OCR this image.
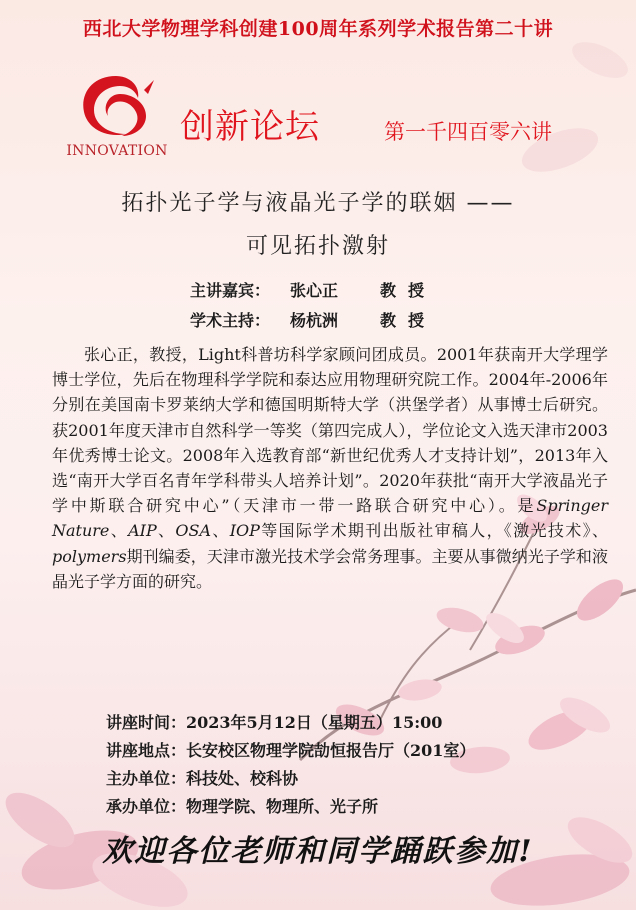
西北大学物理学科创建100周年系列学术报告第二十讲
INNOVATION
创新论坛	第一千四百零六讲
拓扑光子学与液晶光子学的联姻 ——
可见拓扑激射
主讲嘉宾： 张心正	教授
学术主持： 杨杭洲	教授

张心正，教授，Light科普坊科学家顾问团成员。2001年获南开大学理学博士学位，先后在物理科学学院和泰达应用物理研究院工作。2004年-2006年分别在美国南卡罗莱纳大学和德国明斯特大学（洪堡学者）从事博士后研究。获2001年度天津市自然科学一等奖（第四完成人），学位论文入选天津市2003年优秀博士论文。2008年入选教育部“新世纪优秀人才支持计划”，2013年入选“南开大学百名青年学科带头人培养计划”。2020年获批“南开大学液晶光子学中斯联合研究中心”（天津市一带一路联合研究中心）。是Springer Nature、AIP、OSA、IOP等国际学术期刊出版社审稿人，《激光技术》、polymers期刊编委，天津市激光技术学会常务理事。主要从事微纳光子学和液晶光子学方面的研究。

讲座时间：2023年5月12日（星期五）15:00
讲座地点：长安校区物理学院劼恒报告厅（201室）
主办单位：科技处、校科协
承办单位：物理学院、物理所、光子所
欢迎各位老师和同学踊跃参加!
